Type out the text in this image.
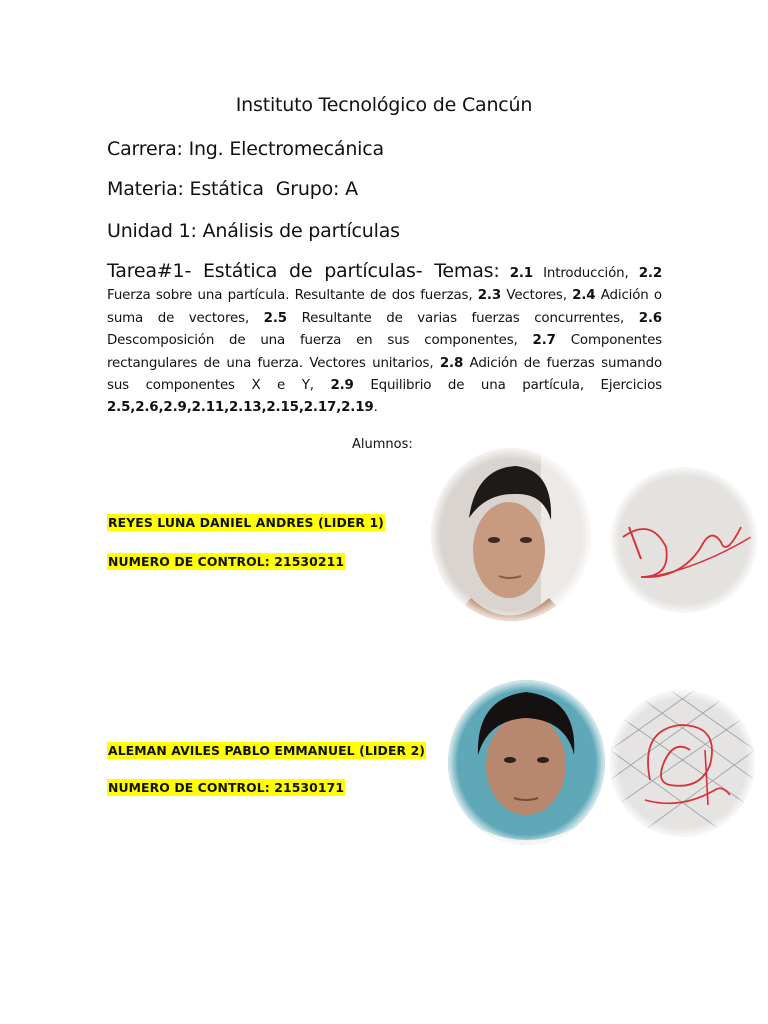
Instituto Tecnológico de Cancún
Carrera: Ing. Electromecánica
Materia: Estática Grupo: A
Unidad 1: Análisis de partículas
Tarea#1- Estática de partículas- Temas: 2.1 Introducción, 2.2 Fuerza sobre una partícula. Resultante de dos fuerzas, 2.3 Vectores, 2.4 Adición o suma de vectores, 2.5 Resultante de varias fuerzas concurrentes, 2.6 Descomposición de una fuerza en sus componentes, 2.7 Componentes rectangulares de una fuerza. Vectores unitarios, 2.8 Adición de fuerzas sumando sus componentes X e Y, 2.9 Equilibrio de una partícula, Ejercicios 2.5,2.6,2.9,2.11,2.13,2.15,2.17,2.19.
Alumnos:
REYES LUNA DANIEL ANDRES (LIDER 1)
NUMERO DE CONTROL: 21530211
ALEMAN AVILES PABLO EMMANUEL (LIDER 2)
NUMERO DE CONTROL: 21530171
